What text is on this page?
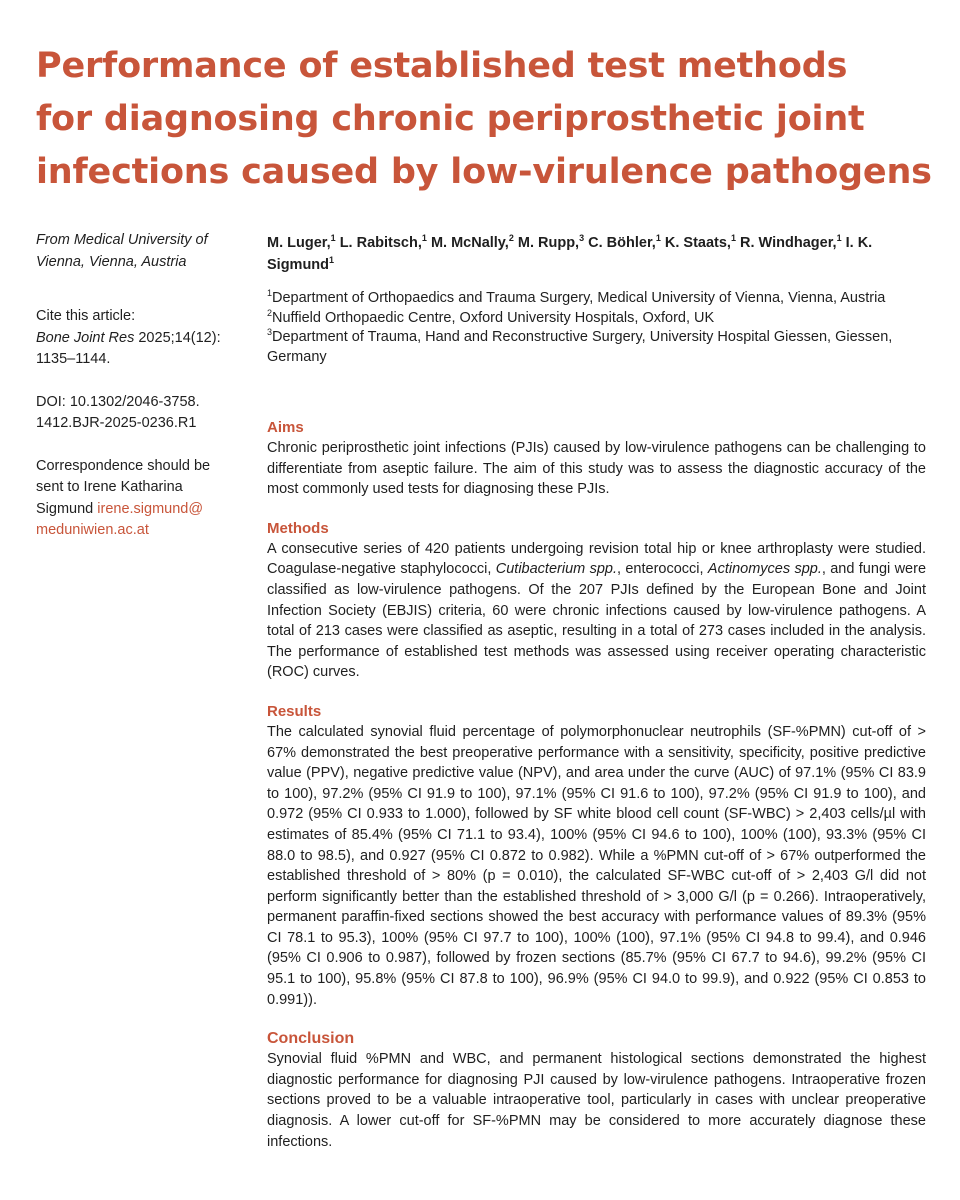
Performance of established test methods
for diagnosing chronic periprosthetic joint
infections caused by low-virulence pathogens
From Medical University of
Vienna, Vienna, Austria
Cite this article:
Bone Joint Res 2025;14(12):
1135–1144.
DOI: 10.1302/2046-3758.
1412.BJR-2025-0236.R1
Correspondence should be
sent to Irene Katharina
Sigmund irene.sigmund@
meduniwien.ac.at

M. Luger,$^1$ L. Rabitsch,$^1$ M. McNally,$^2$ M. Rupp,$^3$ C. Böhler,$^1$ K. Staats,$^1$ R. Windhager,$^1$ I. K. Sigmund$^1$

$^1$Department of Orthopaedics and Trauma Surgery, Medical University of Vienna, Vienna, Austria
$^2$Nuffield Orthopaedic Centre, Oxford University Hospitals, Oxford, UK
$^3$Department of Trauma, Hand and Reconstructive Surgery, University Hospital Giessen, Giessen, Germany
Aims

Chronic periprosthetic joint infections (PJIs) caused by low-virulence pathogens can be challenging to differentiate from aseptic failure. The aim of this study was to assess the diagnostic accuracy of the most commonly used tests for diagnosing these PJIs.

Methods

A consecutive series of 420 patients undergoing revision total hip or knee arthroplasty were studied. Coagulase-negative staphylococci, Cutibacterium spp., enterococci, Actinomyces spp., and fungi were classified as low-virulence pathogens. Of the 207 PJIs defined by the European Bone and Joint Infection Society (EBJIS) criteria, 60 were chronic infections caused by low-virulence pathogens. A total of 213 cases were classified as aseptic, resulting in a total of 273 cases included in the analysis. The performance of established test methods was assessed using receiver operating characteristic (ROC) curves.

Results

The calculated synovial fluid percentage of polymorphonuclear neutrophils (SF-%PMN) cut-off of > 67% demonstrated the best preoperative performance with a sensitivity, specificity, positive predictive value (PPV), negative predictive value (NPV), and area under the curve (AUC) of 97.1% (95% CI 83.9 to 100), 97.2% (95% CI 91.9 to 100), 97.1% (95% CI 91.6 to 100), 97.2% (95% CI 91.9 to 100), and 0.972 (95% CI 0.933 to 1.000), followed by SF white blood cell count (SF-WBC) > 2,403 cells/µl with estimates of 85.4% (95% CI 71.1 to 93.4), 100% (95% CI 94.6 to 100), 100% (100), 93.3% (95% CI 88.0 to 98.5), and 0.927 (95% CI 0.872 to 0.982). While a %PMN cut-off of > 67% outperformed the established threshold of > 80% (p = 0.010), the calculated SF-WBC cut-off of > 2,403 G/l did not perform significantly better than the established threshold of > 3,000 G/l (p = 0.266). Intraoperatively, permanent paraffin-fixed sections showed the best accuracy with performance values of 89.3% (95% CI 78.1 to 95.3), 100% (95% CI 97.7 to 100), 100% (100), 97.1% (95% CI 94.8 to 99.4), and 0.946 (95% CI 0.906 to 0.987), followed by frozen sections (85.7% (95% CI 67.7 to 94.6), 99.2% (95% CI 95.1 to 100), 95.8% (95% CI 87.8 to 100), 96.9% (95% CI 94.0 to 99.9), and 0.922 (95% CI 0.853 to 0.991)).

Conclusion

Synovial fluid %PMN and WBC, and permanent histological sections demonstrated the highest diagnostic performance for diagnosing PJI caused by low-virulence pathogens. Intraoperative frozen sections proved to be a valuable intraoperative tool, particularly in cases with unclear preoperative diagnosis. A lower cut-off for SF-%PMN may be considered to more accurately diagnose these infections.
